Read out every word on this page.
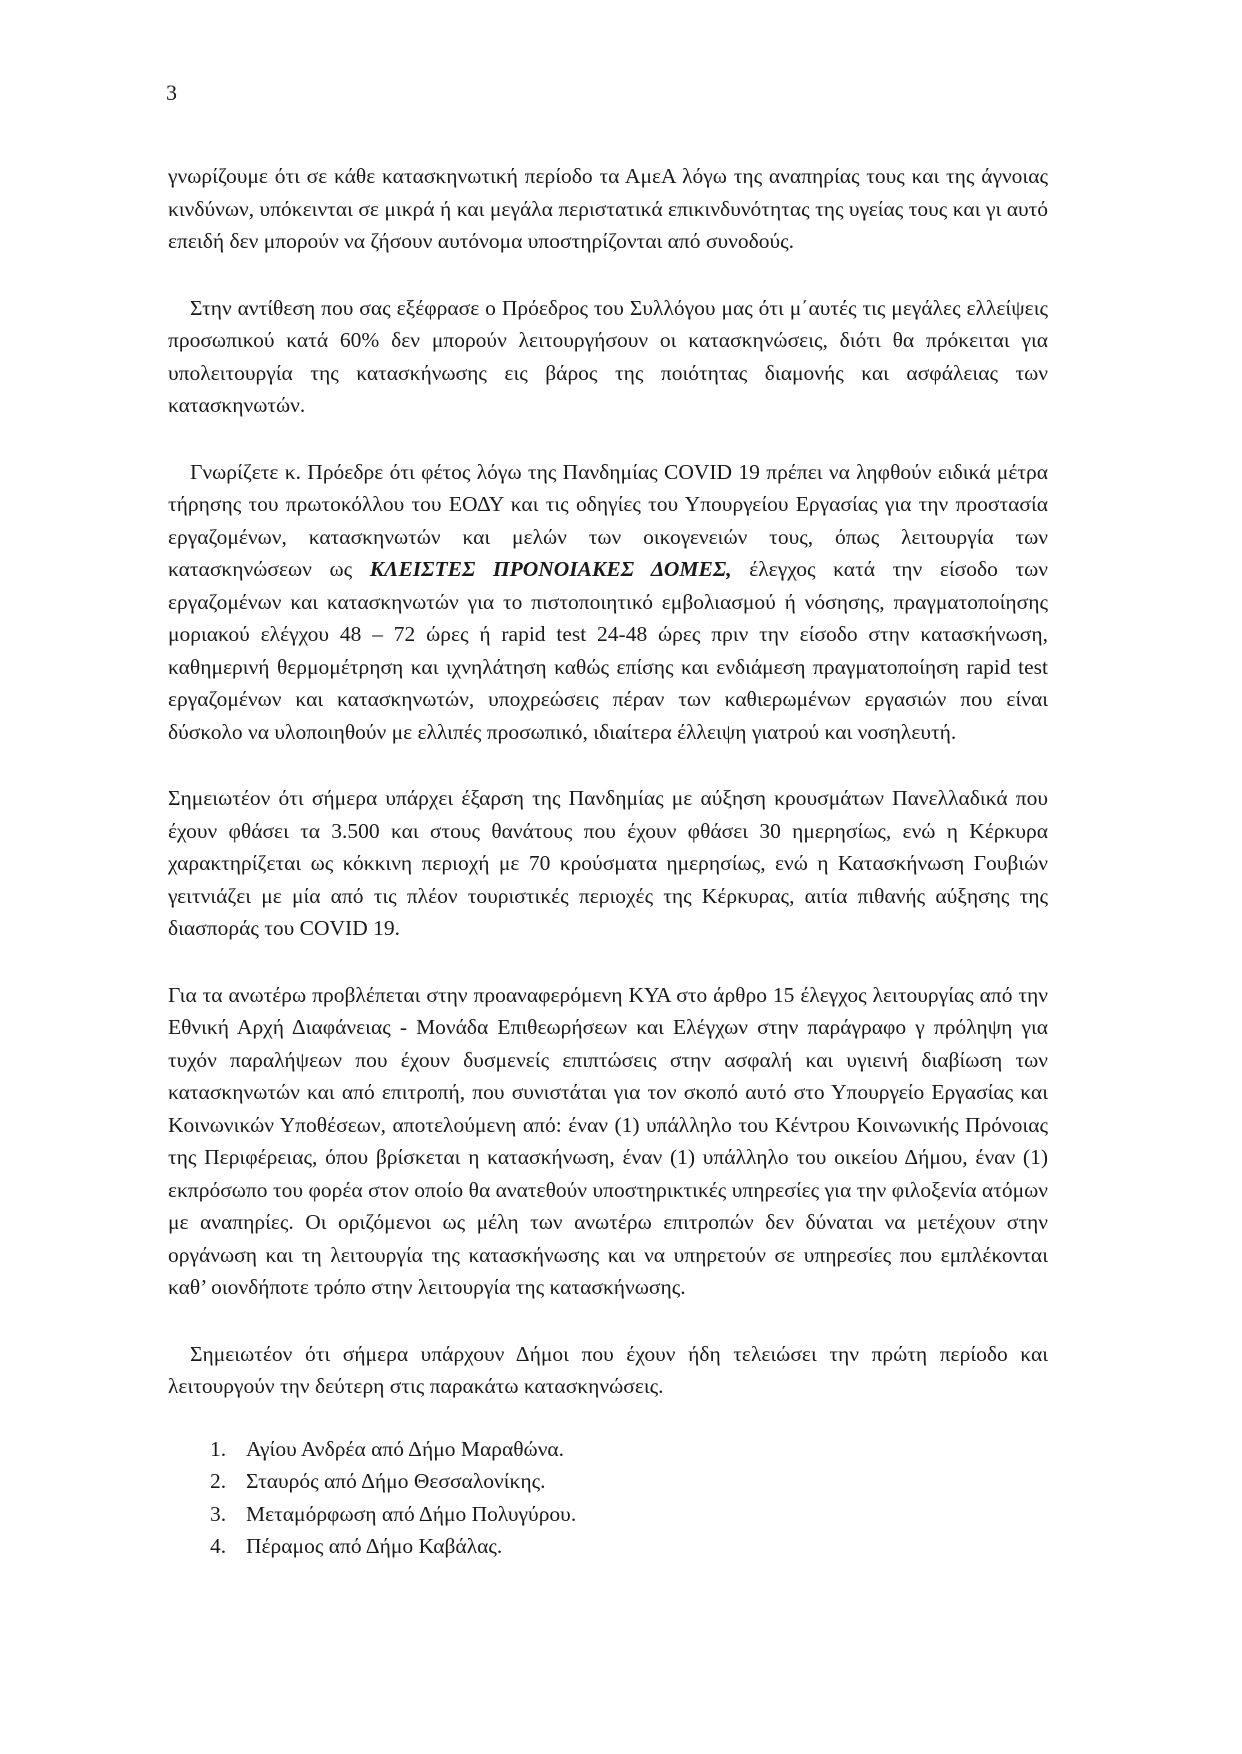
3

γνωρίζουμε ότι σε κάθε κατασκηνωτική περίοδο τα ΑμεΑ λόγω της αναπηρίας τους και της άγνοιας κινδύνων, υπόκεινται σε μικρά ή και μεγάλα περιστατικά επικινδυνότητας της υγείας τους και γι αυτό επειδή δεν μπορούν να ζήσουν αυτόνομα υποστηρίζονται από συνοδούς.

Στην αντίθεση που σας εξέφρασε ο Πρόεδρος του Συλλόγου μας ότι μ΄αυτές τις μεγάλες ελλείψεις προσωπικού κατά 60% δεν μπορούν λειτουργήσουν οι κατασκηνώσεις, διότι θα πρόκειται για υπολειτουργία της κατασκήνωσης εις βάρος της ποιότητας διαμονής και ασφάλειας των κατασκηνωτών.

Γνωρίζετε κ. Πρόεδρε ότι φέτος λόγω της Πανδημίας COVID 19 πρέπει να ληφθούν ειδικά μέτρα τήρησης του πρωτοκόλλου του ΕΟΔΥ και τις οδηγίες του Υπουργείου Εργασίας για την προστασία εργαζομένων, κατασκηνωτών και μελών των οικογενειών τους, όπως λειτουργία των κατασκηνώσεων ως ΚΛΕΙΣΤΕΣ ΠΡΟΝΟΙΑΚΕΣ ΔΟΜΕΣ, έλεγχος κατά την είσοδο των εργαζομένων και κατασκηνωτών για το πιστοποιητικό εμβολιασμού ή νόσησης, πραγματοποίησης μοριακού ελέγχου 48 – 72 ώρες ή rapid test 24-48 ώρες πριν την είσοδο στην κατασκήνωση, καθημερινή θερμομέτρηση και ιχνηλάτηση καθώς επίσης και ενδιάμεση πραγματοποίηση rapid test εργαζομένων και κατασκηνωτών, υποχρεώσεις πέραν των καθιερωμένων εργασιών που είναι δύσκολο να υλοποιηθούν με ελλιπές προσωπικό, ιδιαίτερα έλλειψη γιατρού και νοσηλευτή.

Σημειωτέον ότι σήμερα υπάρχει έξαρση της Πανδημίας με αύξηση κρουσμάτων Πανελλαδικά που έχουν φθάσει τα 3.500 και στους θανάτους που έχουν φθάσει 30 ημερησίως, ενώ η Κέρκυρα χαρακτηρίζεται ως κόκκινη περιοχή με 70 κρούσματα ημερησίως, ενώ η Κατασκήνωση Γουβιών γειτνιάζει με μία από τις πλέον τουριστικές περιοχές της Κέρκυρας, αιτία πιθανής αύξησης της διασποράς του COVID 19.

Για τα ανωτέρω προβλέπεται στην προαναφερόμενη ΚΥΑ στο άρθρο 15 έλεγχος λειτουργίας από την Εθνική Αρχή Διαφάνειας - Μονάδα Επιθεωρήσεων και Ελέγχων στην παράγραφο γ πρόληψη για τυχόν παραλήψεων που έχουν δυσμενείς επιπτώσεις στην ασφαλή και υγιεινή διαβίωση των κατασκηνωτών και από επιτροπή, που συνιστάται για τον σκοπό αυτό στο Υπουργείο Εργασίας και Κοινωνικών Υποθέσεων, αποτελούμενη από: έναν (1) υπάλληλο του Κέντρου Κοινωνικής Πρόνοιας της Περιφέρειας, όπου βρίσκεται η κατασκήνωση, έναν (1) υπάλληλο του οικείου Δήμου, έναν (1) εκπρόσωπο του φορέα στον οποίο θα ανατεθούν υποστηρικτικές υπηρεσίες για την φιλοξενία ατόμων με αναπηρίες. Οι οριζόμενοι ως μέλη των ανωτέρω επιτροπών δεν δύναται να μετέχουν στην οργάνωση και τη λειτουργία της κατασκήνωσης και να υπηρετούν σε υπηρεσίες που εμπλέκονται καθ’ οιονδήποτε τρόπο στην λειτουργία της κατασκήνωσης.

Σημειωτέον ότι σήμερα υπάρχουν Δήμοι που έχουν ήδη τελειώσει την πρώτη περίοδο και λειτουργούν την δεύτερη στις παρακάτω κατασκηνώσεις.

1. Αγίου Ανδρέα από Δήμο Μαραθώνα.
2. Σταυρός από Δήμο Θεσσαλονίκης.
3. Μεταμόρφωση από Δήμο Πολυγύρου.
4. Πέραμος από Δήμο Καβάλας.
